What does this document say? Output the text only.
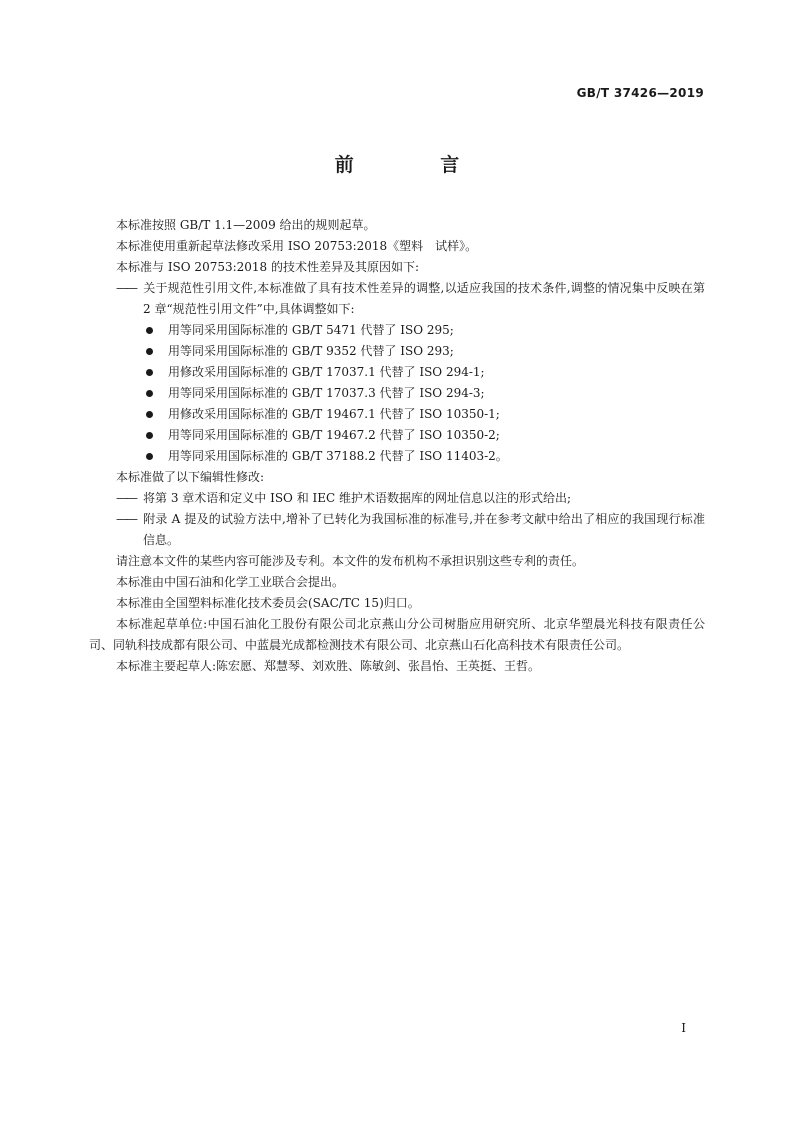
GB/T 37426—2019
前 言

本标准按照 GB/T 1.1—2009 给出的规则起草。

本标准使用重新起草法修改采用 ISO 20753:2018《塑料　试样》。

本标准与 ISO 20753:2018 的技术性差异及其原因如下:

—— 关于规范性引用文件,本标准做了具有技术性差异的调整,以适应我国的技术条件,调整的情况集中反映在第 2 章“规范性引用文件”中,具体调整如下:

用等同采用国际标准的 GB/T 5471 代替了 ISO 295;
用等同采用国际标准的 GB/T 9352 代替了 ISO 293;
用修改采用国际标准的 GB/T 17037.1 代替了 ISO 294-1;
用等同采用国际标准的 GB/T 17037.3 代替了 ISO 294-3;
用修改采用国际标准的 GB/T 19467.1 代替了 ISO 10350-1;
用等同采用国际标准的 GB/T 19467.2 代替了 ISO 10350-2;
用等同采用国际标准的 GB/T 37188.2 代替了 ISO 11403-2。

本标准做了以下编辑性修改:

—— 将第 3 章术语和定义中 ISO 和 IEC 维护术语数据库的网址信息以注的形式给出;

—— 附录 A 提及的试验方法中,增补了已转化为我国标准的标准号,并在参考文献中给出了相应的我国现行标准信息。

请注意本文件的某些内容可能涉及专利。本文件的发布机构不承担识别这些专利的责任。

本标准由中国石油和化学工业联合会提出。

本标准由全国塑料标准化技术委员会(SAC/TC 15)归口。

本标准起草单位:中国石油化工股份有限公司北京燕山分公司树脂应用研究所、北京华塑晨光科技有限责任公司、同轨科技成都有限公司、中蓝晨光成都检测技术有限公司、北京燕山石化高科技术有限责任公司。

本标准主要起草人:陈宏愿、郑慧琴、刘欢胜、陈敏剑、张昌怡、王英挺、王哲。

I
